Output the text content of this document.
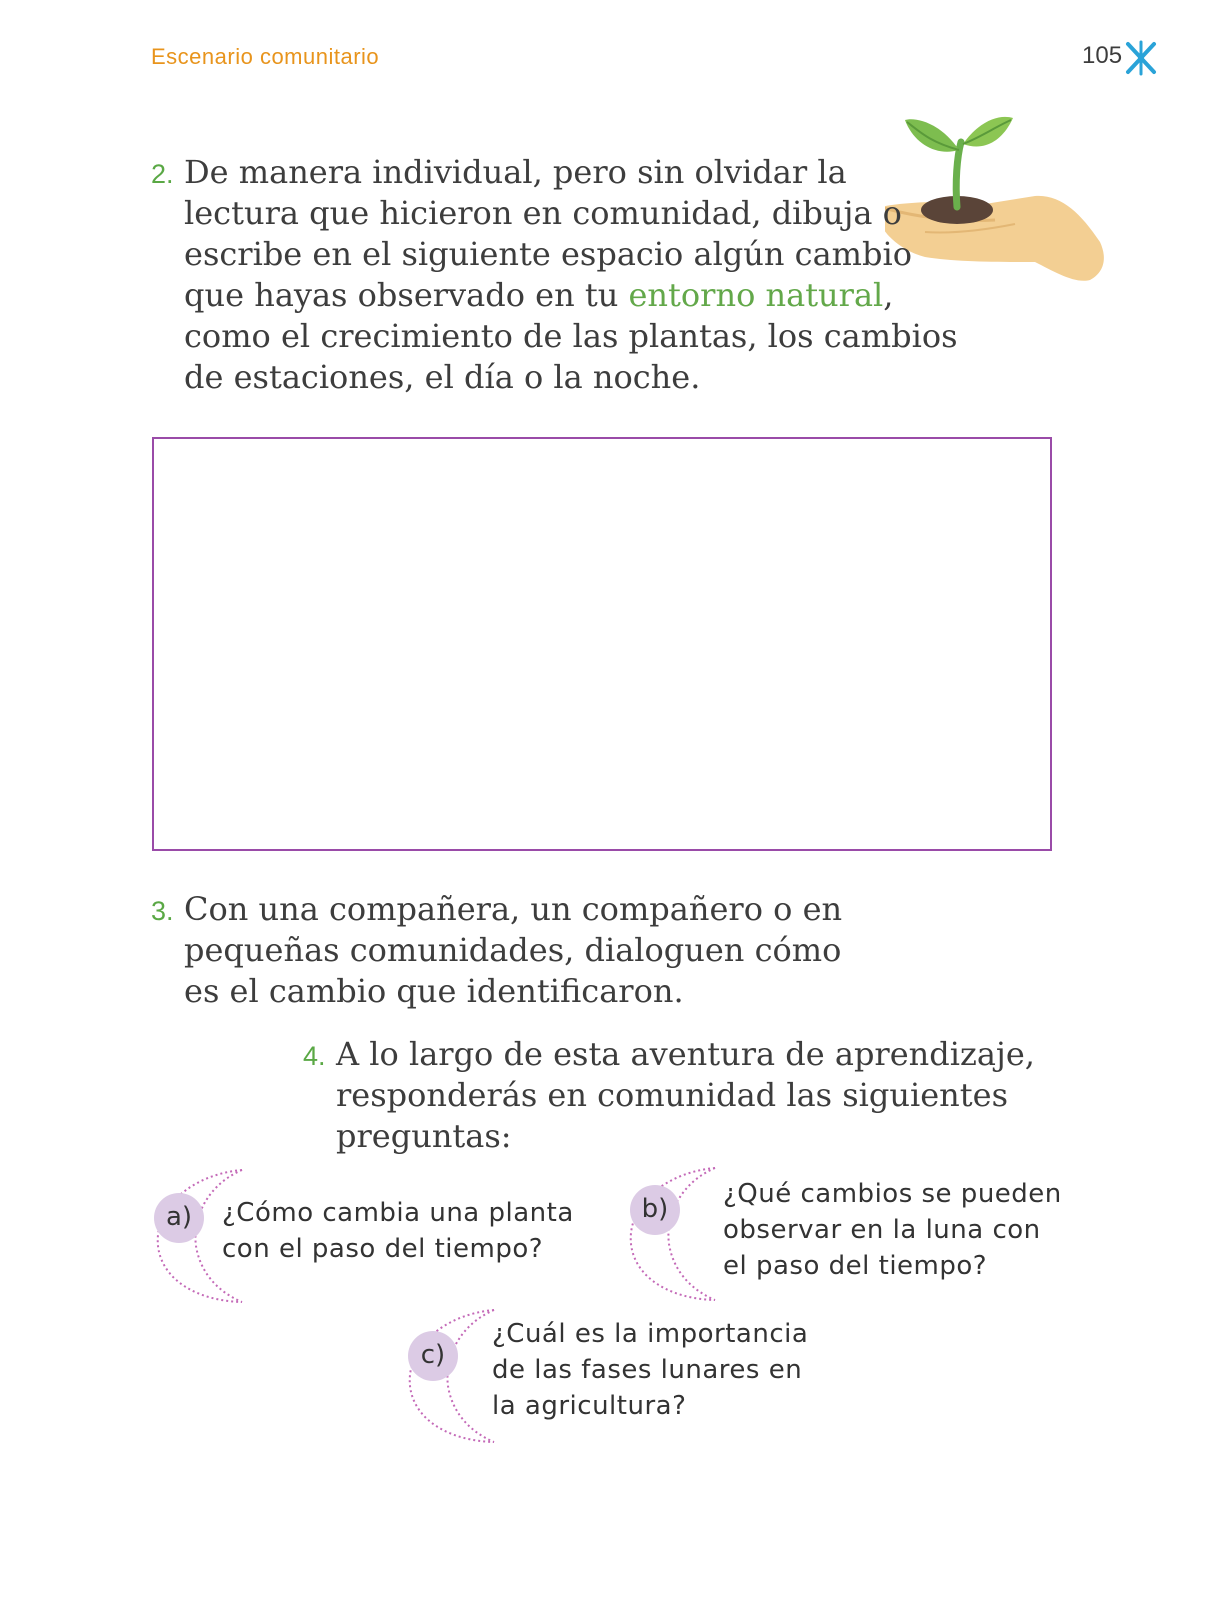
Escenario comunitario	105
2. De manera individual, pero sin olvidar la
lectura que hicieron en comunidad, dibuja o
escribe en el siguiente espacio algún cambio
que hayas observado en tu entorno natural,
como el crecimiento de las plantas, los cambios
de estaciones, el día o la noche.
3. Con una compañera, un compañero o en
pequeñas comunidades, dialoguen cómo
es el cambio que identificaron.
4. A lo largo de esta aventura de aprendizaje,
responderás en comunidad las siguientes
preguntas:
a)	¿Cómo cambia una planta
con el paso del tiempo?
b)	¿Qué cambios se pueden
observar en la luna con
el paso del tiempo?
c)
¿Cuál es la importancia
de las fases lunares en
la agricultura?
